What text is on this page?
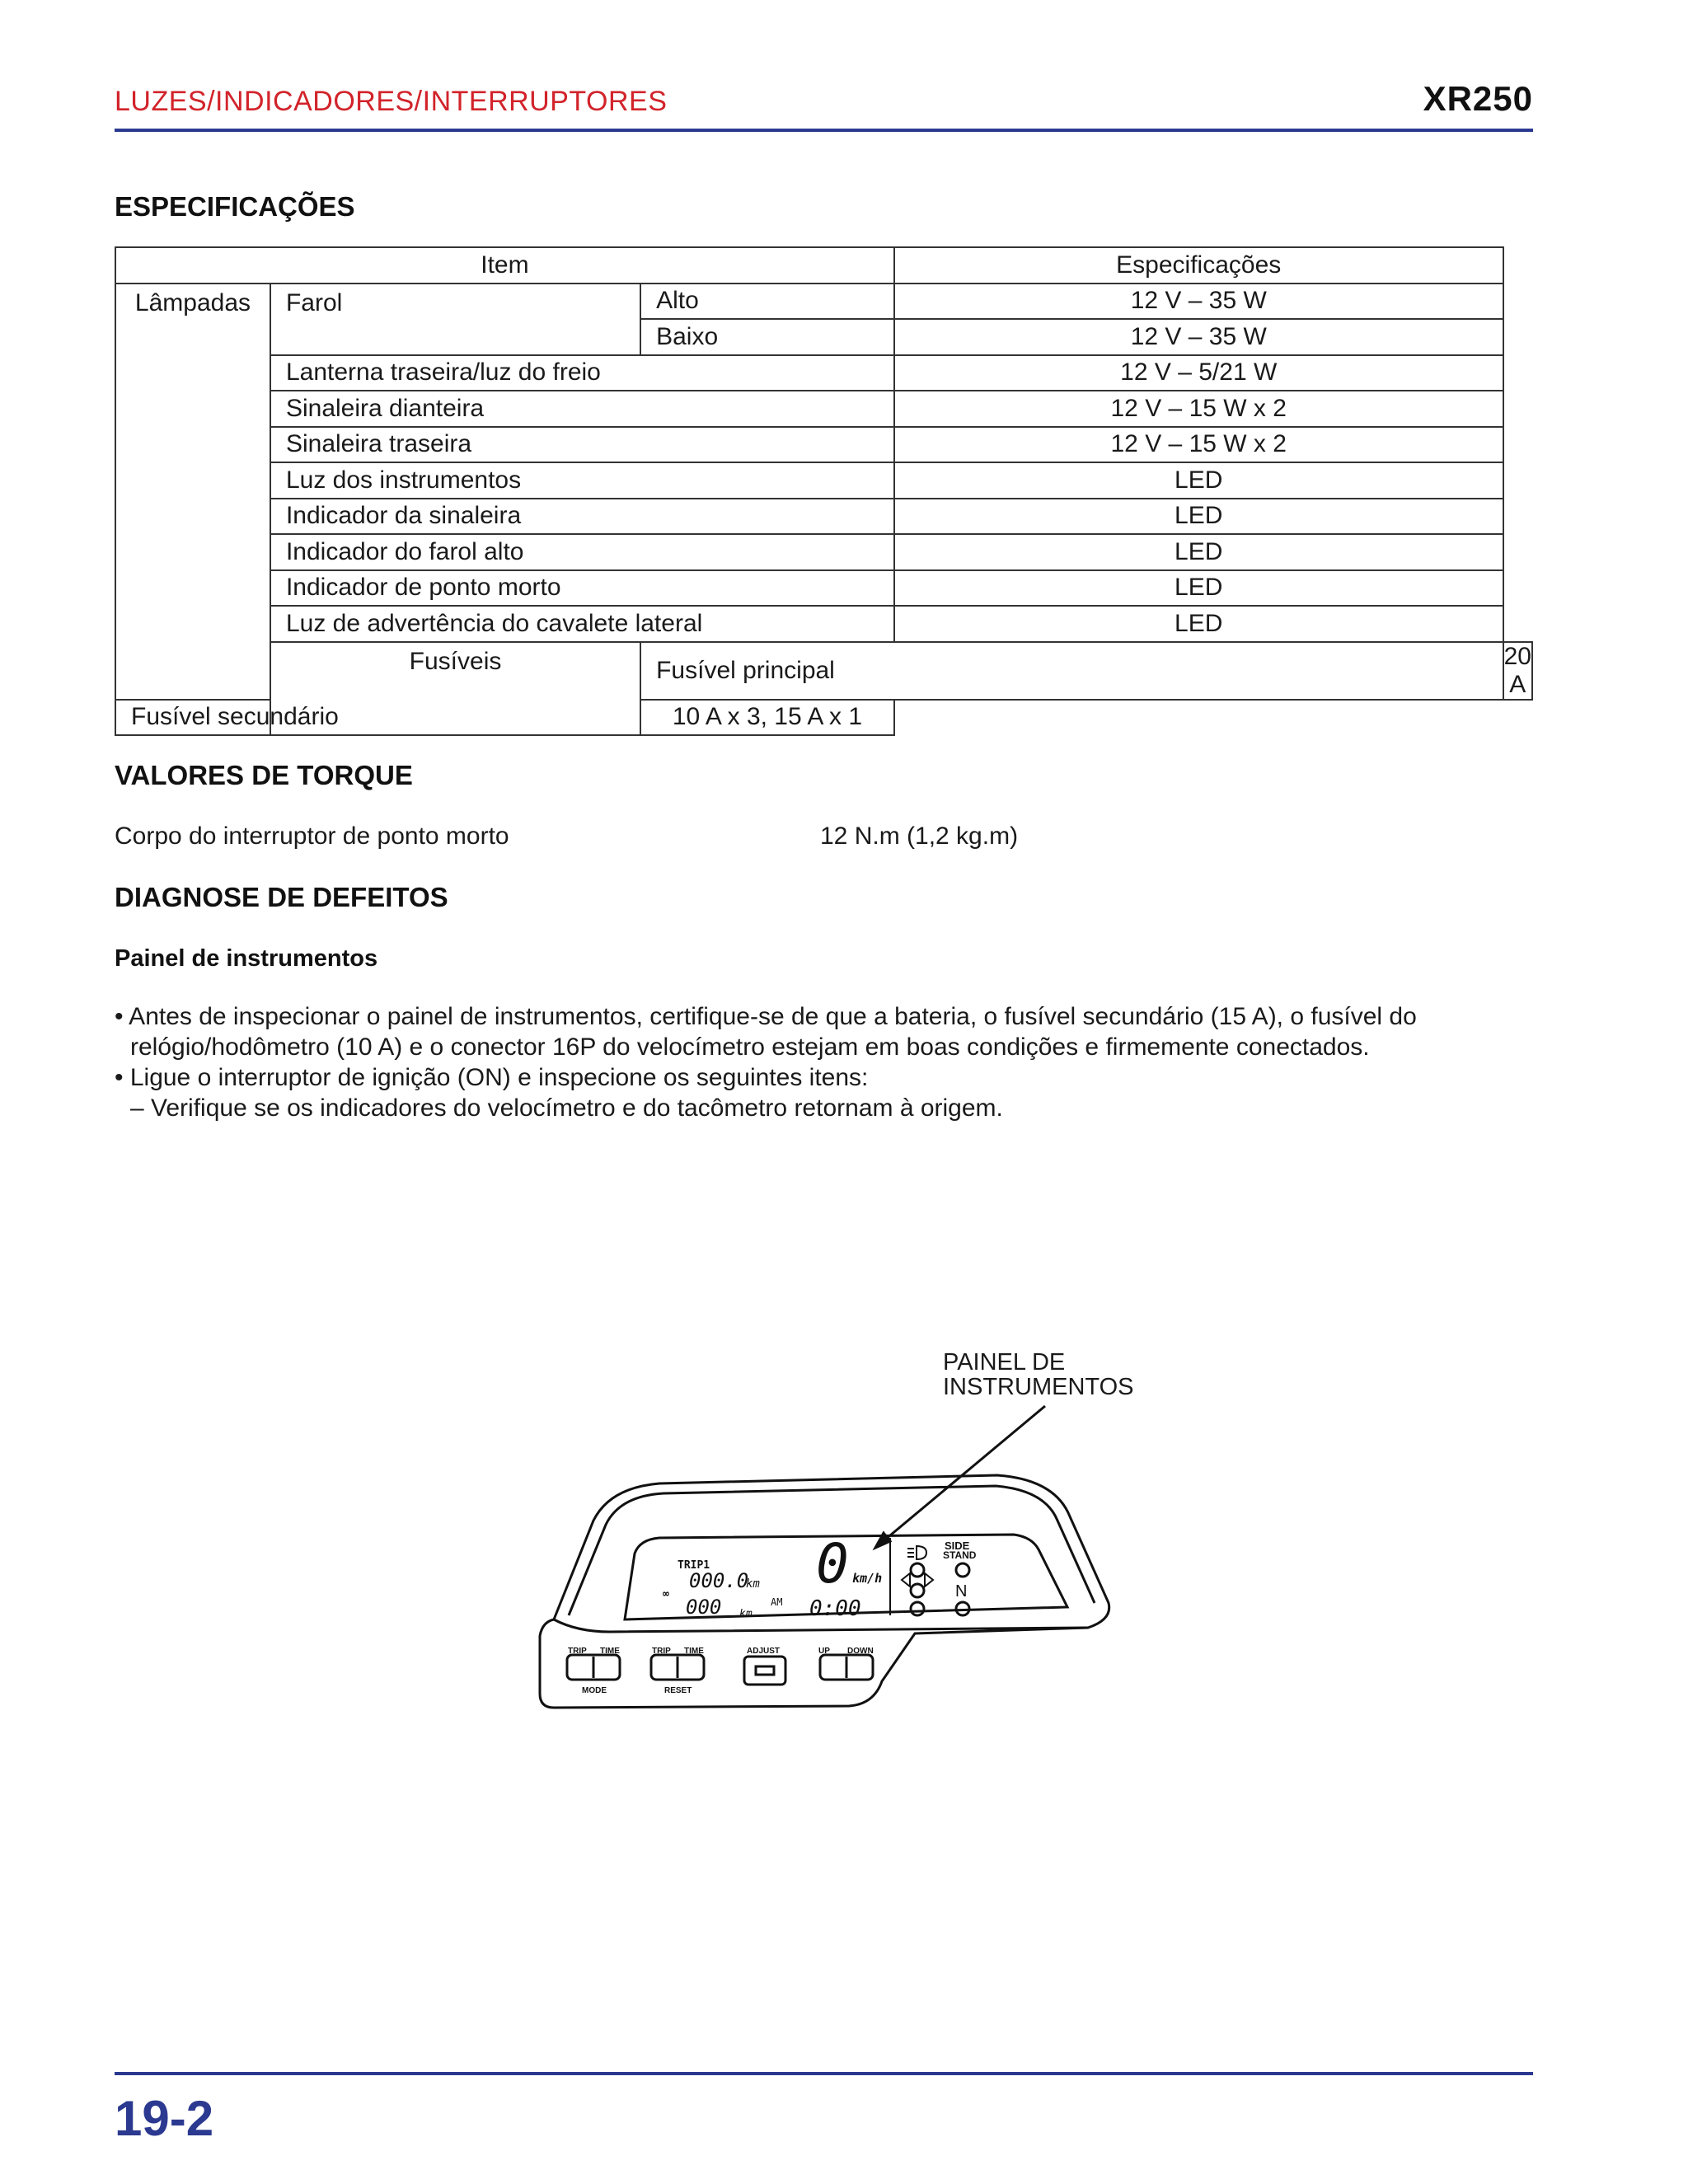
LUZES/INDICADORES/INTERRUPTORES	XR250
ESPECIFICAÇÕES
Item			Especificações	
Lâmpadas	Farol	Alto	12 V – 35 W	
		Baixo	12 V – 35 W	
	Lanterna traseira/luz do freio		12 V – 5/21 W	
	Sinaleira dianteira		12 V – 15 W x 2	
	Sinaleira traseira		12 V – 15 W x 2	
	Luz dos instrumentos		LED	
	Indicador da sinaleira		LED	
	Indicador do farol alto		LED	
	Indicador de ponto morto		LED	
	Luz de advertência do cavalete lateral		LED	
	Fusíveis	Fusível principal		20 A
Fusível secundário		10 A x 3, 15 A x 1		
VALORES DE TORQUE
Corpo do interruptor de ponto morto	12 N.m (1,2 kg.m)
DIAGNOSE DE DEFEITOS
Painel de instrumentos
• Antes de inspecionar o painel de instrumentos, certifique-se de que a bateria, o fusível secundário (15 A), o fusível do
relógio/hodômetro (10 A) e o conector 16P do velocímetro estejam em boas condições e firmemente conectados.
• Ligue o interruptor de ignição (ON) e inspecione os seguintes itens:
– Verifique se os indicadores do velocímetro e do tacômetro retornam à origem.
PAINEL DE
INSTRUMENTOS
TRIP1
000.0
km
∞
000 km
AM 0:00
0 km/h
SIDE
STAND
N
TRIP TIME
MODE
TRIP TIME
RESET
ADJUST	UP DOWN
19-2
